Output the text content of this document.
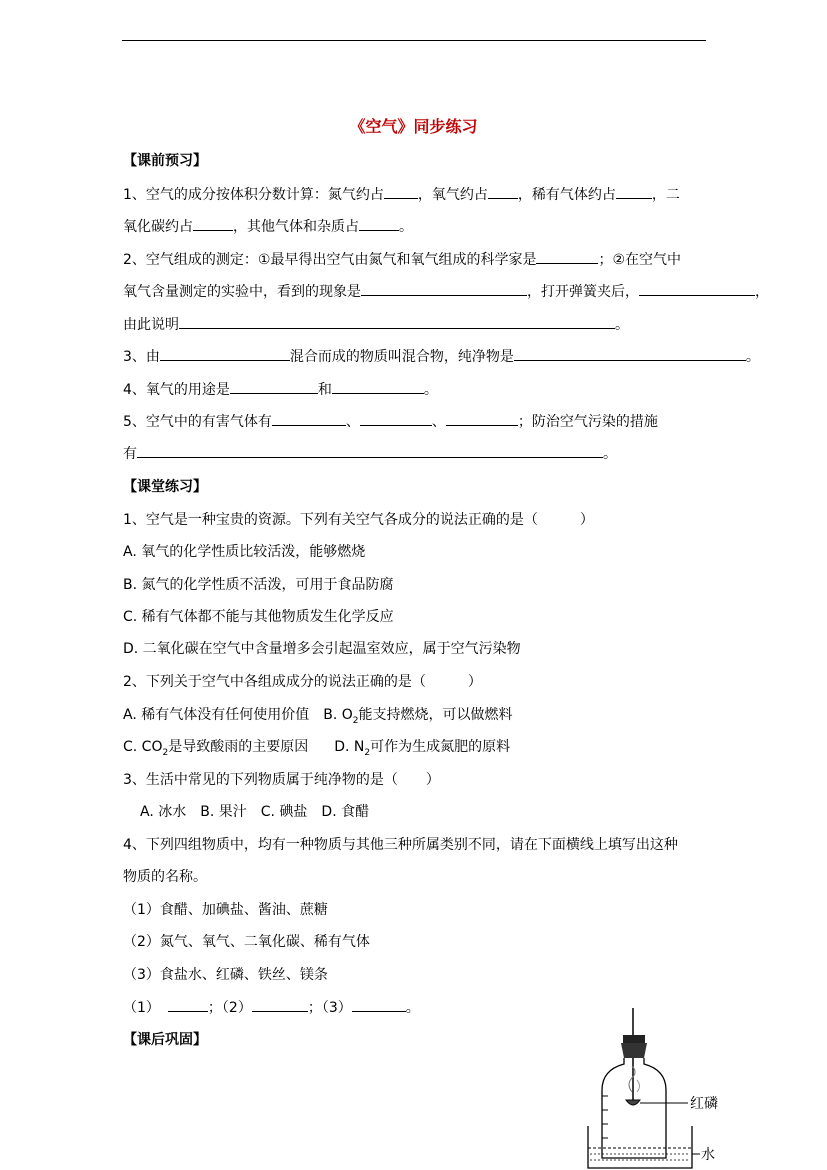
《空气》同步练习
【课前预习】
1、空气的成分按体积分数计算：氮气约占 ，氧气约占 ，稀有气体约占	，二
氧化碳约占	，其他气体和杂质占	。
2、空气组成的测定：①最早得出空气由氮气和氧气组成的科学家是	；②在空气中
氧气含量测定的实验中，看到的现象是	，打开弹簧夹后，	，
由此说明	。
3、由	混合而成的物质叫混合物，纯净物是	。
4、氧气的用途是	和	。
5、空气中的有害气体有	、	、	；防治空气污染的措施
有	。
【课堂练习】
1、空气是一种宝贵的资源。下列有关空气各成分的说法正确的是（　　　）
A. 氧气的化学性质比较活泼，能够燃烧
B. 氮气的化学性质不活泼，可用于食品防腐
C. 稀有气体都不能与其他物质发生化学反应
D. 二氧化碳在空气中含量增多会引起温室效应，属于空气污染物
2、下列关于空气中各组成成分的说法正确的是（　　　）
A. 稀有气体没有任何使用价值 B. $O_2$能支持燃烧，可以做燃料
C. $CO_2$是导致酸雨的主要原因 D. $N_2$可作为生成氮肥的原料
3、生活中常见的下列物质属于纯净物的是（　　）
A. 冰水　B. 果汁　C. 碘盐　D. 食醋
4、下列四组物质中，均有一种物质与其他三种所属类别不同，请在下面横线上填写出这种
物质的名称。
（1）食醋、加碘盐、酱油、蔗糖
（2）氮气、氧气、二氧化碳、稀有气体
（3）食盐水、红磷、铁丝、镁条
（1）	；（2）	；（3）	。
【课后巩固】
红磷
水
